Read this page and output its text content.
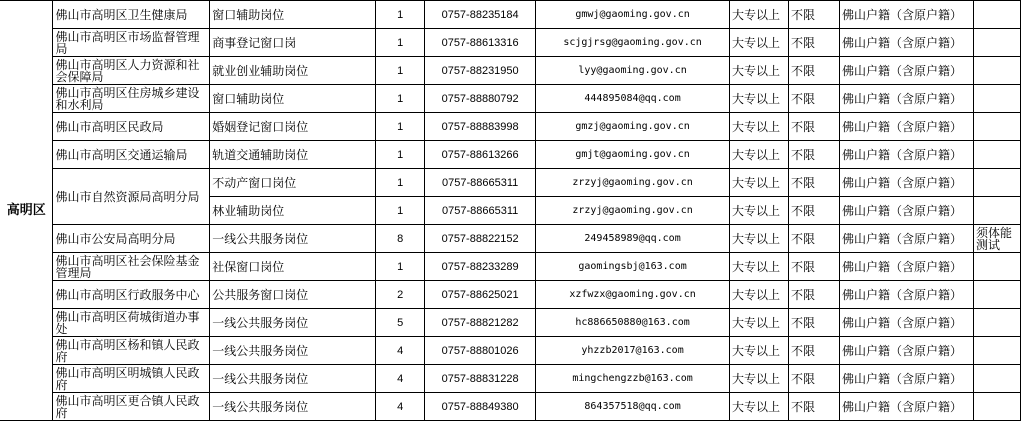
高明区	佛山市高明区卫生健康局	窗口辅助岗位	1	0757-88235184	gmwj@gaoming.gov.cn	大专以上	不限	佛山户籍（含原户籍）	
	佛山市高明区市场监督管理局	商事登记窗口岗	1	0757-88613316	scjgjrsg@gaoming.gov.cn	大专以上	不限	佛山户籍（含原户籍）	
	佛山市高明区人力资源和社会保障局	就业创业辅助岗位	1	0757-88231950	lyy@gaoming.gov.cn	大专以上	不限	佛山户籍（含原户籍）	
	佛山市高明区住房城乡建设和水利局	窗口辅助岗位	1	0757-88880792	444895084@qq.com	大专以上	不限	佛山户籍（含原户籍）	
	佛山市高明区民政局	婚姻登记窗口岗位	1	0757-88883998	gmzj@gaoming.gov.cn	大专以上	不限	佛山户籍（含原户籍）	
	佛山市高明区交通运输局	轨道交通辅助岗位	1	0757-88613266	gmjt@gaoming.gov.cn	大专以上	不限	佛山户籍（含原户籍）	
	佛山市自然资源局高明分局	不动产窗口岗位	1	0757-88665311	zrzyj@gaoming.gov.cn	大专以上	不限	佛山户籍（含原户籍）	
		林业辅助岗位	1	0757-88665311	zrzyj@gaoming.gov.cn	大专以上	不限	佛山户籍（含原户籍）	
	佛山市公安局高明分局	一线公共服务岗位	8	0757-88822152	249458989@qq.com	大专以上	不限	佛山户籍（含原户籍）	须体能测试
	佛山市高明区社会保险基金管理局	社保窗口岗位	1	0757-88233289	gaomingsbj@163.com	大专以上	不限	佛山户籍（含原户籍）	
	佛山市高明区行政服务中心	公共服务窗口岗位	2	0757-88625021	xzfwzx@gaoming.gov.cn	大专以上	不限	佛山户籍（含原户籍）	
	佛山市高明区荷城街道办事处	一线公共服务岗位	5	0757-88821282	hc886650880@163.com	大专以上	不限	佛山户籍（含原户籍）	
	佛山市高明区杨和镇人民政府	一线公共服务岗位	4	0757-88801026	yhzzb2017@163.com	大专以上	不限	佛山户籍（含原户籍）	
	佛山市高明区明城镇人民政府	一线公共服务岗位	4	0757-88831228	mingchengzzb@163.com	大专以上	不限	佛山户籍（含原户籍）	
	佛山市高明区更合镇人民政府	一线公共服务岗位	4	0757-88849380	864357518@qq.com	大专以上	不限	佛山户籍（含原户籍）	
